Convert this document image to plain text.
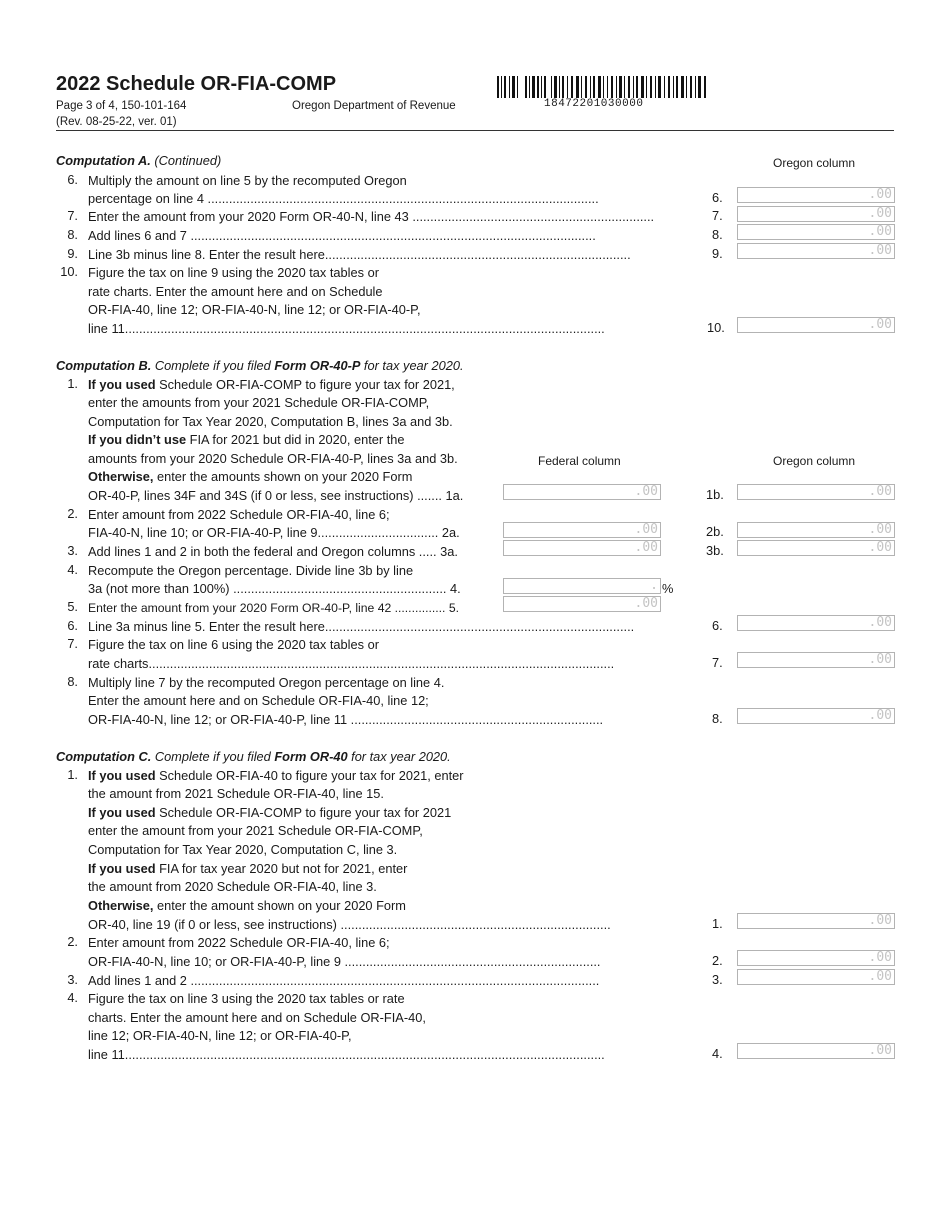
2022 Schedule OR-FIA-COMP
Page 3 of 4, 150-101-164
(Rev. 08-25-22, ver. 01)
Oregon Department of Revenue	18472201030000
Computation A. (Continued)	Oregon column
6. Multiply the amount on line 5 by the recomputed Oregon
percentage on line 4 ..............................................................................................................	6.	.00
7. Enter the amount from your 2020 Form OR-40-N, line 43 ....................................................................	7.	.00
8. Add lines 6 and 7 ..................................................................................................................	8.	.00
9. Line 3b minus line 8. Enter the result here......................................................................................	9.	.00
10. Figure the tax on line 9 using the 2020 tax tables or
rate charts. Enter the amount here and on Schedule
OR-FIA-40, line 12; OR-FIA-40-N, line 12; or OR-FIA-40-P,
line 11.......................................................................................................................................	10.	.00
Computation B. Complete if you filed Form OR-40-P for tax year 2020.
1. If you used Schedule OR-FIA-COMP to figure your tax for 2021,
enter the amounts from your 2021 Schedule OR-FIA-COMP,
Computation for Tax Year 2020, Computation B, lines 3a and 3b.
If you didn’t use FIA for 2021 but did in 2020, enter the
amounts from your 2020 Schedule OR-FIA-40-P, lines 3a and 3b.	Federal column	Oregon column
Otherwise, enter the amounts shown on your 2020 Form
OR-40-P, lines 34F and 34S (if 0 or less, see instructions) ....... 1a.	.00	1b.	.00
2. Enter amount from 2022 Schedule OR-FIA-40, line 6;
FIA-40-N, line 10; or OR-FIA-40-P, line 9.................................. 2a.	.00	2b.	.00
3. Add lines 1 and 2 in both the federal and Oregon columns ..... 3a.	.00	3b.	.00
4. Recompute the Oregon percentage. Divide line 3b by line
3a (not more than 100%) ............................................................ 4.	. %
5. Enter the amount from your 2020 Form OR-40-P, line 42 ............... 5.	.00
6. Line 3a minus line 5. Enter the result here.......................................................................................	6.	.00
7. Figure the tax on line 6 using the 2020 tax tables or
rate charts...................................................................................................................................	7.	.00
8. Multiply line 7 by the recomputed Oregon percentage on line 4.
Enter the amount here and on Schedule OR-FIA-40, line 12;
OR-FIA-40-N, line 12; or OR-FIA-40-P, line 11 .......................................................................	8.	.00
Computation C. Complete if you filed Form OR-40 for tax year 2020.
1. If you used Schedule OR-FIA-40 to figure your tax for 2021, enter
the amount from 2021 Schedule OR-FIA-40, line 15.
If you used Schedule OR-FIA-COMP to figure your tax for 2021
enter the amount from your 2021 Schedule OR-FIA-COMP,
Computation for Tax Year 2020, Computation C, line 3.
If you used FIA for tax year 2020 but not for 2021, enter
the amount from 2020 Schedule OR-FIA-40, line 3.
Otherwise, enter the amount shown on your 2020 Form
OR-40, line 19 (if 0 or less, see instructions) ............................................................................	1.	.00
2. Enter amount from 2022 Schedule OR-FIA-40, line 6;
OR-FIA-40-N, line 10; or OR-FIA-40-P, line 9 ........................................................................	2.	.00
3. Add lines 1 and 2 ...................................................................................................................	3.	.00
4. Figure the tax on line 3 using the 2020 tax tables or rate
charts. Enter the amount here and on Schedule OR-FIA-40,
line 12; OR-FIA-40-N, line 12; or OR-FIA-40-P,
line 11.......................................................................................................................................	4.	.00
